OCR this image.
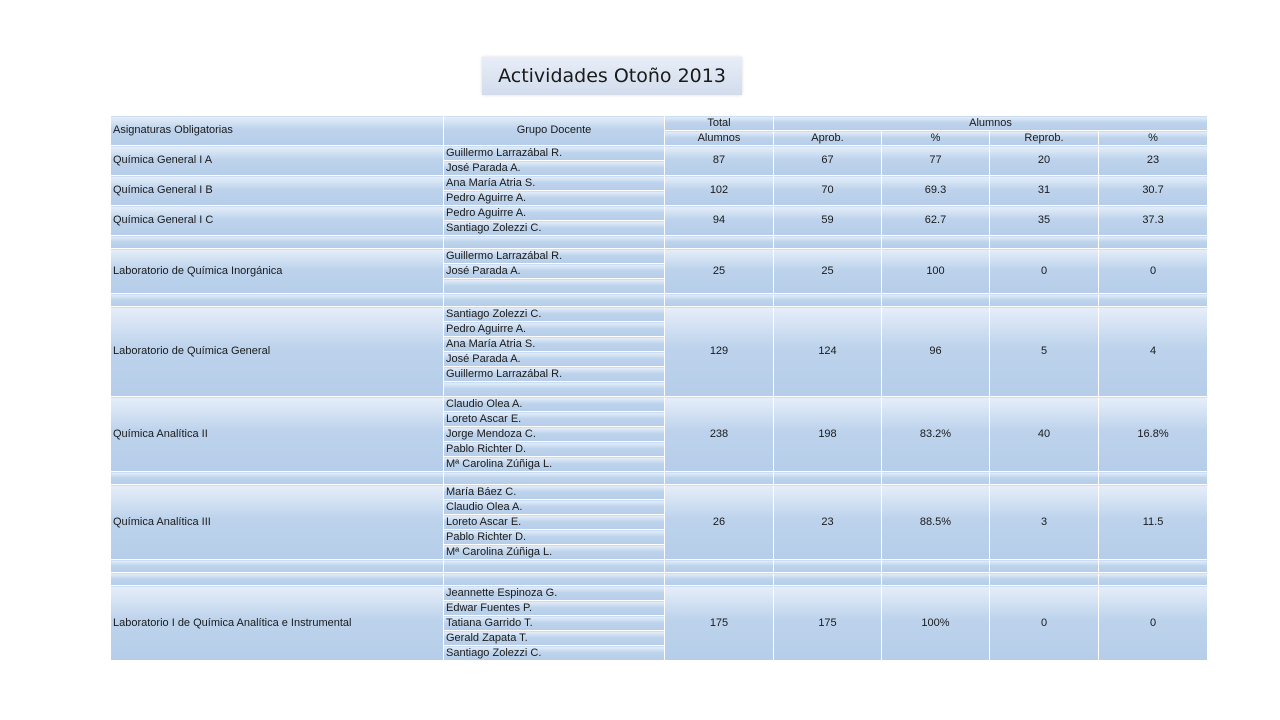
Actividades Otoño 2013
Asignaturas Obligatorias	Grupo Docente	Total	Alumnos			
		Alumnos	Aprob.	%	Reprob.	%
Química General I A	Guillermo Larrazábal R.	87	67	77	20	23
	José Parada A.					
Química General I B	Ana María Atria S.	102	70	69.3	31	30.7
	Pedro Aguirre A.					
Química General I C	Pedro Aguirre A.	94	59	62.7	35	37.3
	Santiago Zolezzi C.					

Laboratorio de Química Inorgánica	Guillermo Larrazábal R.	25	25	100	0	0
	José Parada A.					

Laboratorio de Química General	Santiago Zolezzi C.	129	124	96	5	4
	Pedro Aguirre A.					
	Ana María Atria S.					
	José Parada A.					
	Guillermo Larrazábal R.					

Química Analítica II	Claudio Olea A.	238	198	83.2%	40	16.8%
	Loreto Ascar E.					
	Jorge Mendoza C.					
	Pablo Richter D.					
	Mª Carolina Zúñiga L.					

Química Analítica III	María Báez C.	26	23	88.5%	3	11.5
	Claudio Olea A.					
	Loreto Ascar E.					
	Pablo Richter D.					
	Mª Carolina Zúñiga L.					

Laboratorio I de Química Analítica e Instrumental	Jeannette Espinoza G.	175	175	100%	0	0
	Edwar Fuentes P.					
	Tatiana Garrido T.					
	Gerald Zapata T.					
	Santiago Zolezzi C.					
